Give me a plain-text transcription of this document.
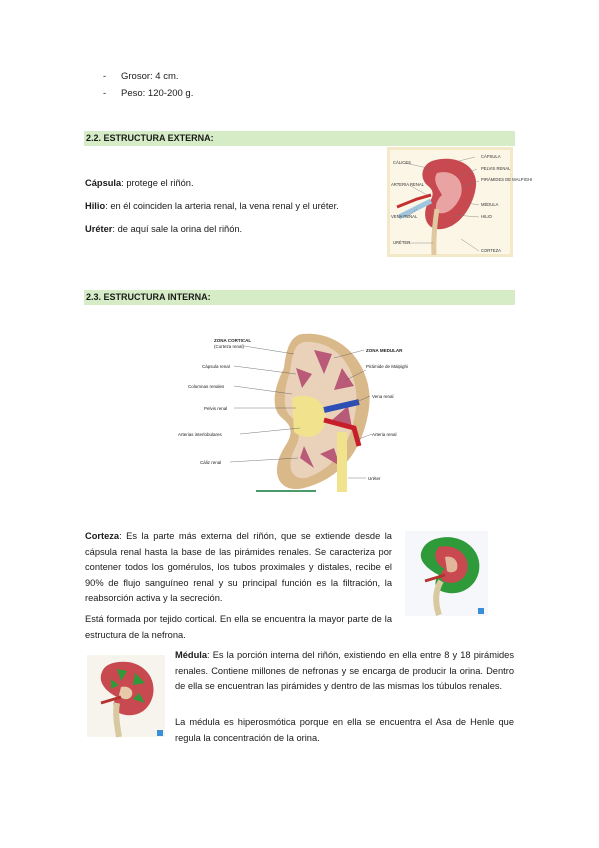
- Grosor: 4 cm.
- Peso: 120-200 g.
2.2. ESTRUCTURA EXTERNA:
Cápsula: protege el riñón.
Hilio: en él coinciden la arteria renal, la vena renal y el uréter.
Uréter: de aquí sale la orina del riñón.
CÁLICES
ARTERIA RENAL
VENA RENAL
URÉTER
CÁPSULA
PELVIS RENAL
PIRÁMIDES DE MALPIGHI
MÉDULA
HILIO
CORTEZA
2.3. ESTRUCTURA INTERNA:
ZONA CORTICAL
(Corteza renal)
ZONA MEDULAR
Cápsula renal	Pirámide de Malpighi
Columnas renales
Vena renal
Pelvis renal
Arterias interlobulares	Arteria renal
Cáliz renal
Uréter
Corteza: Es la parte más externa del riñón, que se extiende desde la cápsula renal hasta la base de las pirámides renales. Se caracteriza por contener todos los gomérulos, los tubos proximales y distales, recibe el 90% de flujo sanguíneo renal y su principal función es la filtración, la reabsorción activa y la secreción.
Está formada por tejido cortical. En ella se encuentra la mayor parte de la estructura de la nefrona.
Médula: Es la porción interna del riñón, existiendo en ella entre 8 y 18 pirámides renales. Contiene millones de nefronas y se encarga de producir la orina. Dentro de ella se encuentran las pirámides y dentro de las mismas los túbulos renales.
La médula es hiperosmótica porque en ella se encuentra el Asa de Henle que regula la concentración de la orina.
